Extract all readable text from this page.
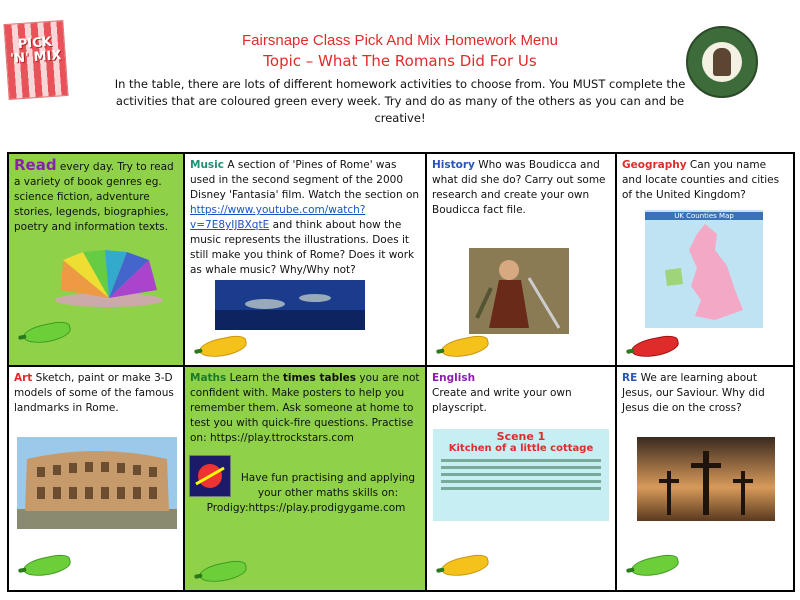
PICK 'N' MIX
Fairsnape Class Pick And Mix Homework Menu
Topic – What The Romans Did For Us
In the table, there are lots of different homework activities to choose from. You MUST complete the activities that are coloured green every week. Try and do as many of the others as you can and be creative!
Read every day. Try to read a variety of book genres eg. science fiction, adventure stories, legends, biographies, poetry and information texts.
Music A section of 'Pines of Rome' was used in the second segment of the 2000 Disney 'Fantasia' film. Watch the section on https://www.youtube.com/watch?v=7E8yIJBXqtE and think about how the music represents the illustrations. Does it still make you think of Rome? Does it work as whale music? Why/Why not?
History Who was Boudicca and what did she do? Carry out some research and create your own Boudicca fact file.
Geography Can you name and locate counties and cities of the United Kingdom?
UK Counties Map
Art Sketch, paint or make 3-D models of some of the famous landmarks in Rome.
Maths Learn the times tables you are not confident with. Make posters to help you remember them. Ask someone at home to test you with quick-fire questions. Practise on: https://play.ttrockstars.com
Have fun practising and applying your other maths skills on:
Prodigy:https://play.prodigygame.com
English
Create and write your own playscript.
Scene 1
Kitchen of a little cottage
RE We are learning about Jesus, our Saviour. Why did Jesus die on the cross?
